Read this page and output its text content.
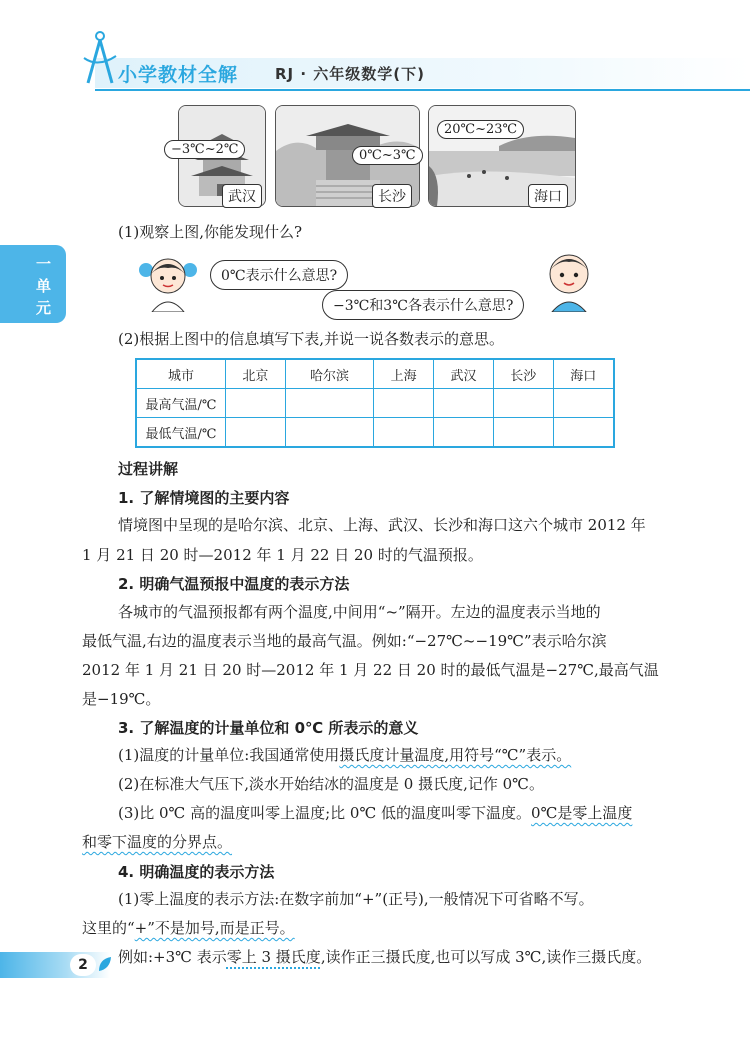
小学教材全解 RJ · 六年级数学(下)
一
单
元
−3℃~2℃
武汉
0℃~3℃
长沙
20℃~23℃
海口
(1)观察上图,你能发现什么?
0℃表示什么意思?
−3℃和3℃各表示什么意思?
(2)根据上图中的信息填写下表,并说一说各数表示的意思。
城市	北京	哈尔滨	上海	武汉	长沙	海口
最高气温/℃						
最低气温/℃						
过程讲解
1. 了解情境图的主要内容
情境图中呈现的是哈尔滨、北京、上海、武汉、长沙和海口这六个城市 2012 年
1 月 21 日 20 时—2012 年 1 月 22 日 20 时的气温预报。
2. 明确气温预报中温度的表示方法
各城市的气温预报都有两个温度,中间用“~”隔开。左边的温度表示当地的
最低气温,右边的温度表示当地的最高气温。例如:“−27℃~−19℃”表示哈尔滨
2012 年 1 月 21 日 20 时—2012 年 1 月 22 日 20 时的最低气温是−27℃,最高气温
是−19℃。
3. 了解温度的计量单位和 0℃ 所表示的意义
(1)温度的计量单位:我国通常使用摄氏度计量温度,用符号“℃”表示。
(2)在标准大气压下,淡水开始结冰的温度是 0 摄氏度,记作 0℃。
(3)比 0℃ 高的温度叫零上温度;比 0℃ 低的温度叫零下温度。0℃是零上温度
和零下温度的分界点。
4. 明确温度的表示方法
(1)零上温度的表示方法:在数字前加“+”(正号),一般情况下可省略不写。
这里的“+”不是加号,而是正号。
例如:+3℃ 表示零上 3 摄氏度,读作正三摄氏度,也可以写成 3℃,读作三摄氏度。
2
